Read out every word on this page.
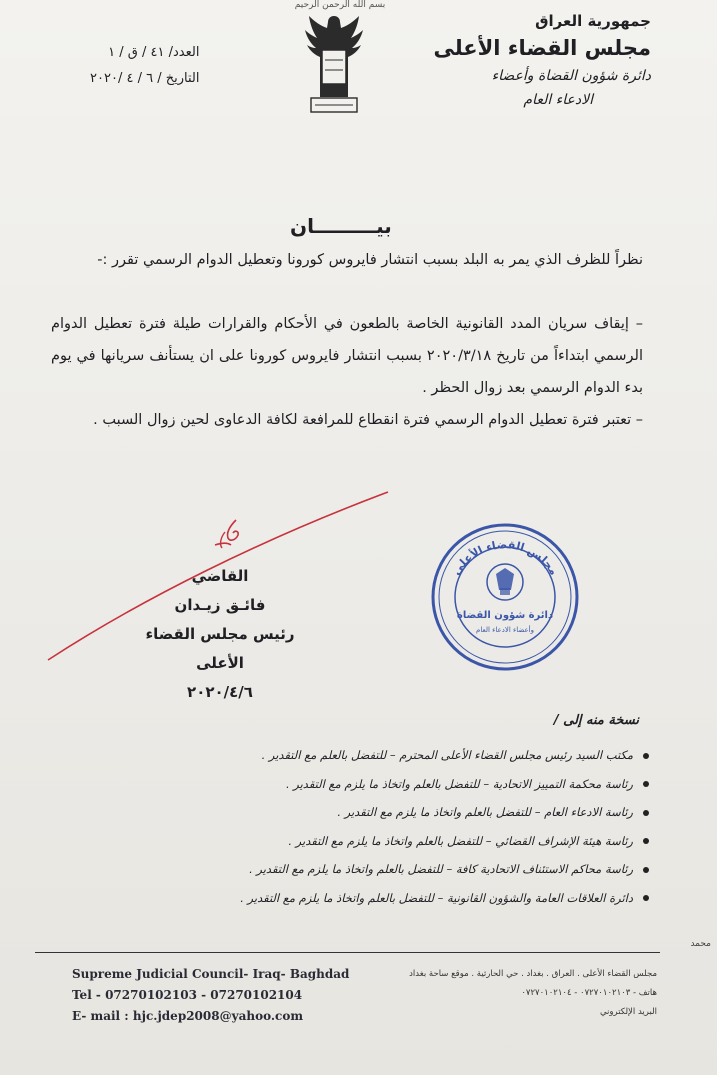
بسم الله الرحمن الرحيم
جمهورية العراق
مجلس القضاء الأعلى
دائرة شؤون القضاة وأعضاء
الادعاء العام
العدد/ ٤١ / ق / ١
التاريخ / ٦ / ٤ /٢٠٢٠
بيـــــــــان
نظراً للظرف الذي يمر به البلد بسبب انتشار فايروس كورونا وتعطيل الدوام الرسمي تقرر :-
– إيقاف سريان المدد القانونية الخاصة بالطعون في الأحكام والقرارات طيلة فترة تعطيل الدوام الرسمي ابتداءاً من تاريخ ٢٠٢٠/٣/١٨ بسبب انتشار فايروس كورونا على ان يستأنف سريانها في يوم بدء الدوام الرسمي بعد زوال الحظر .
– تعتبر فترة تعطيل الدوام الرسمي فترة انقطاع للمرافعة لكافة الدعاوى لحين زوال السبب .
القاضي
فائـق زيـدان
رئيس مجلس القضاء الأعلى
٢٠٢٠/٤/٦
مجلس القضاء الأعلى
دائرة شؤون القضاة
وأعضاء الادعاء العام
نسخة منه إلى /
مكتب السيد رئيس مجلس القضاء الأعلى المحترم – للتفضل بالعلم مع التقدير .
رئاسة محكمة التمييز الاتحادية – للتفضل بالعلم واتخاذ ما يلزم مع التقدير .
رئاسة الادعاء العام – للتفضل بالعلم واتخاذ ما يلزم مع التقدير .
رئاسة هيئة الإشراف القضائي – للتفضل بالعلم واتخاذ ما يلزم مع التقدير .
رئاسة محاكم الاستئناف الاتحادية كافة – للتفضل بالعلم واتخاذ ما يلزم مع التقدير .
دائرة العلاقات العامة والشؤون القانونية – للتفضل بالعلم واتخاذ ما يلزم مع التقدير .
محمد
Supreme Judicial Council- Iraq- Baghdad
Tel - 07270102103 - 07270102104
E- mail : hjc.jdep2008@yahoo.com
مجلس القضاء الأعلى . العراق . بغداد . حي الحارثية . موقع ساحة بغداد
هاتف - ٠٧٢٧٠١٠٢١٠٣ - ٠٧٢٧٠١٠٢١٠٤
البريد الإلكتروني
